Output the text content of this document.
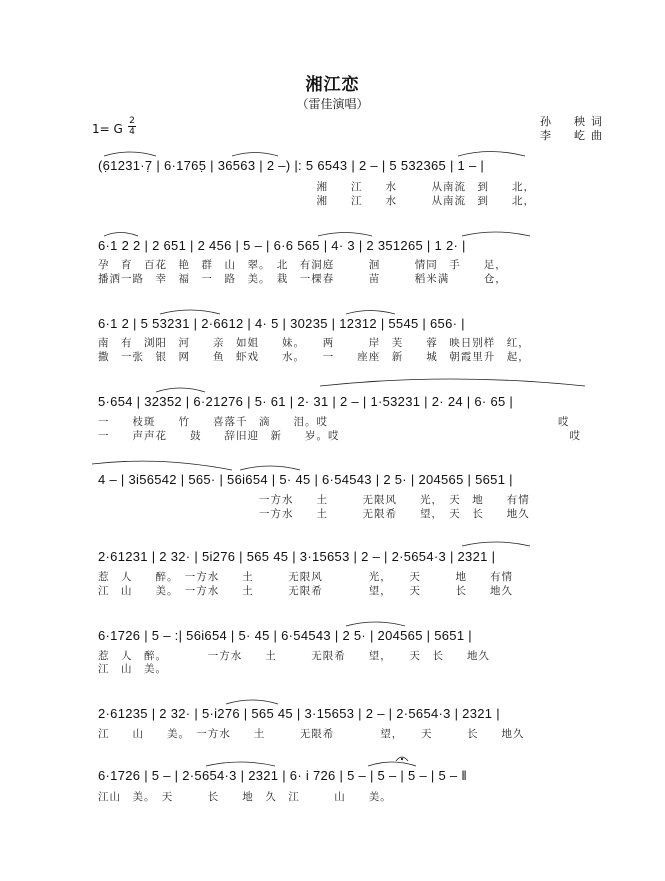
湘江恋
（雷佳演唱）
孙　秧词
李　屹曲
1= G
2
4
(6̣1231·7̣ | 6·1765̣ | 36563 | 2 –) |: 5 6543 | 2 – | 5 532365 | 1 – |
　　　　　　　　　　　　　　　　　　　湘　　江　　水　　　从南流　到　　北，
　　　　　　　　　　　　　　　　　　　湘　　江　　水　　　从南流　到　　北，
6·1 2 2 | 2 651 | 2 456 | 5 – | 6·6 565 | 4· 3 | 2 351265 | 1 2· |
孕　育　百花　艳　群　山　翠。　北　有洞庭　　　洄　　　情同　手　　足，
播洒一路　幸　福　一　路　美。　栽　一棵春　　　苗　　　稻米满　　　仓，
6·1 2 | 5 53231 | 2·6612 | 4· 5 | 30235 | 12312 | 5545 | 656· |
南　有　浏阳　河　　亲　如姐　　妹。　　两　　　岸　芙　　蓉　映日别样　红，
撒　一张　银　网　　鱼　虾戏　　水。　　一　　座座　新　　城　朝霞里升　起，
5·654 | 32352 | 6·21276 | 5· 61 | 2· 31 | 2 – | 1·53231 | 2· 24 | 6· 65 |
一　　枝斑　　竹　　喜落千　滴　　泪。哎　　　　　　　　　　　　　　　　　　　　哎
一　　声声花　　鼓　　辞旧迎　新　　岁。哎　　　　　　　　　　　　　　　　　　　　哎
4 – | 3i56542 | 565· | 56i654 | 5· 45 | 6·54543 | 2 5· | 204565 | 5651 |
　　　　　　　　　　　　　　一方水　　土　　　无限风　　光，　天　地　　有情
　　　　　　　　　　　　　　一方水　　土　　　无限希　　望，　天　长　　地久
2·61231 | 2 32· | 5i276 | 565 45 | 3·15653 | 2 – | 2·5654·3 | 2321 |
惹　人　　醉。　一方水　　土　　　无限风　　　　光，　　天　　　地　　有情
江　山　　美。　一方水　　土　　　无限希　　　　望，　　天　　　长　　地久
6·1726 | 5 – :| 56i654 | 5· 45 | 6·54543 | 2 5· | 204565 | 5651 |
惹　人　醉。　　　　一方水　　土　　　无限希　　望，　　天　长　　地久
江　山　美。
2·61235 | 2 32· | 5·i276 | 565 45 | 3·15653 | 2 – | 2·5654·3 | 2321 |
江　　山　　美。　一方水　　土　　　无限希　　　　望，　　天　　　长　　地久
6·1726 | 5 – | 2·5654·3 | 2321 | 6· i 726 | 5 – | 5 – | 5 – | 5 – ‖
江山　美。　天　　　长　　地　久　江　　　山　　美。
